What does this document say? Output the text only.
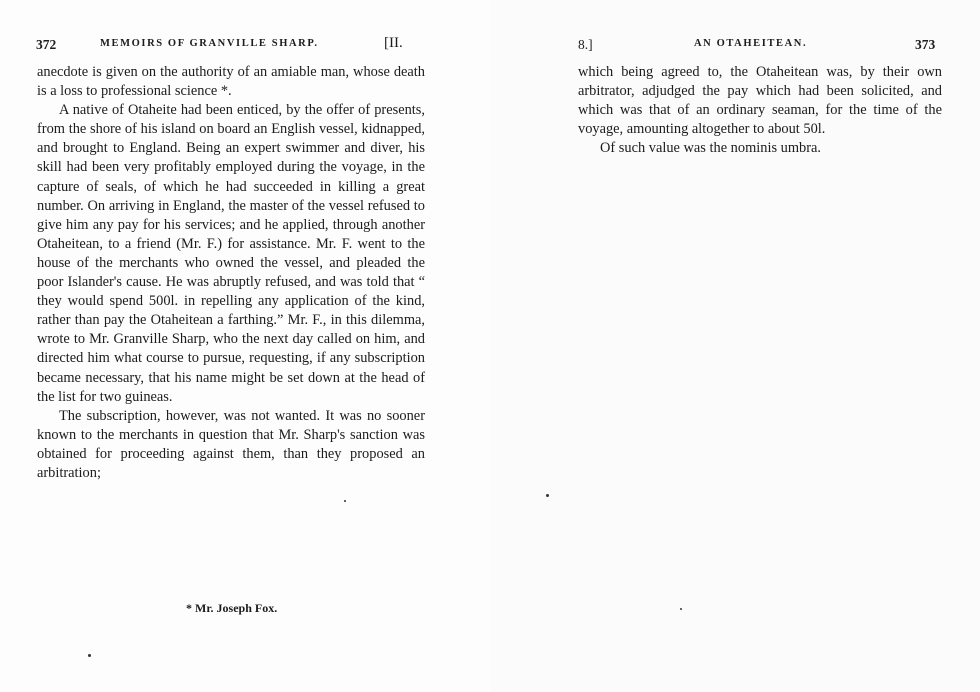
372	MEMOIRS OF GRANVILLE SHARP.	[II.

anecdote is given on the authority of an amiable man, whose death is a loss to professional science *.

A native of Otaheite had been enticed, by the offer of presents, from the shore of his island on board an English vessel, kidnapped, and brought to England. Being an expert swimmer and diver, his skill had been very profitably employed during the voyage, in the capture of seals, of which he had succeeded in killing a great number. On arriving in England, the master of the vessel refused to give him any pay for his services; and he applied, through another Otaheitean, to a friend (Mr. F.) for assistance. Mr. F. went to the house of the merchants who owned the vessel, and pleaded the poor Islander's cause. He was abruptly refused, and was told that “ they would spend 500l. in repelling any application of the kind, rather than pay the Otaheitean a farthing.” Mr. F., in this dilemma, wrote to Mr. Granville Sharp, who the next day called on him, and directed him what course to pursue, requesting, if any subscription became necessary, that his name might be set down at the head of the list for two guineas.

The subscription, however, was not wanted. It was no sooner known to the merchants in question that Mr. Sharp's sanction was obtained for proceeding against them, than they proposed an arbitration;

* Mr. Joseph Fox.
8.]	AN OTAHEITEAN.	373

which being agreed to, the Otaheitean was, by their own arbitrator, adjudged the pay which had been solicited, and which was that of an ordinary seaman, for the time of the voyage, amounting altogether to about 50l.

Of such value was the nominis umbra.
